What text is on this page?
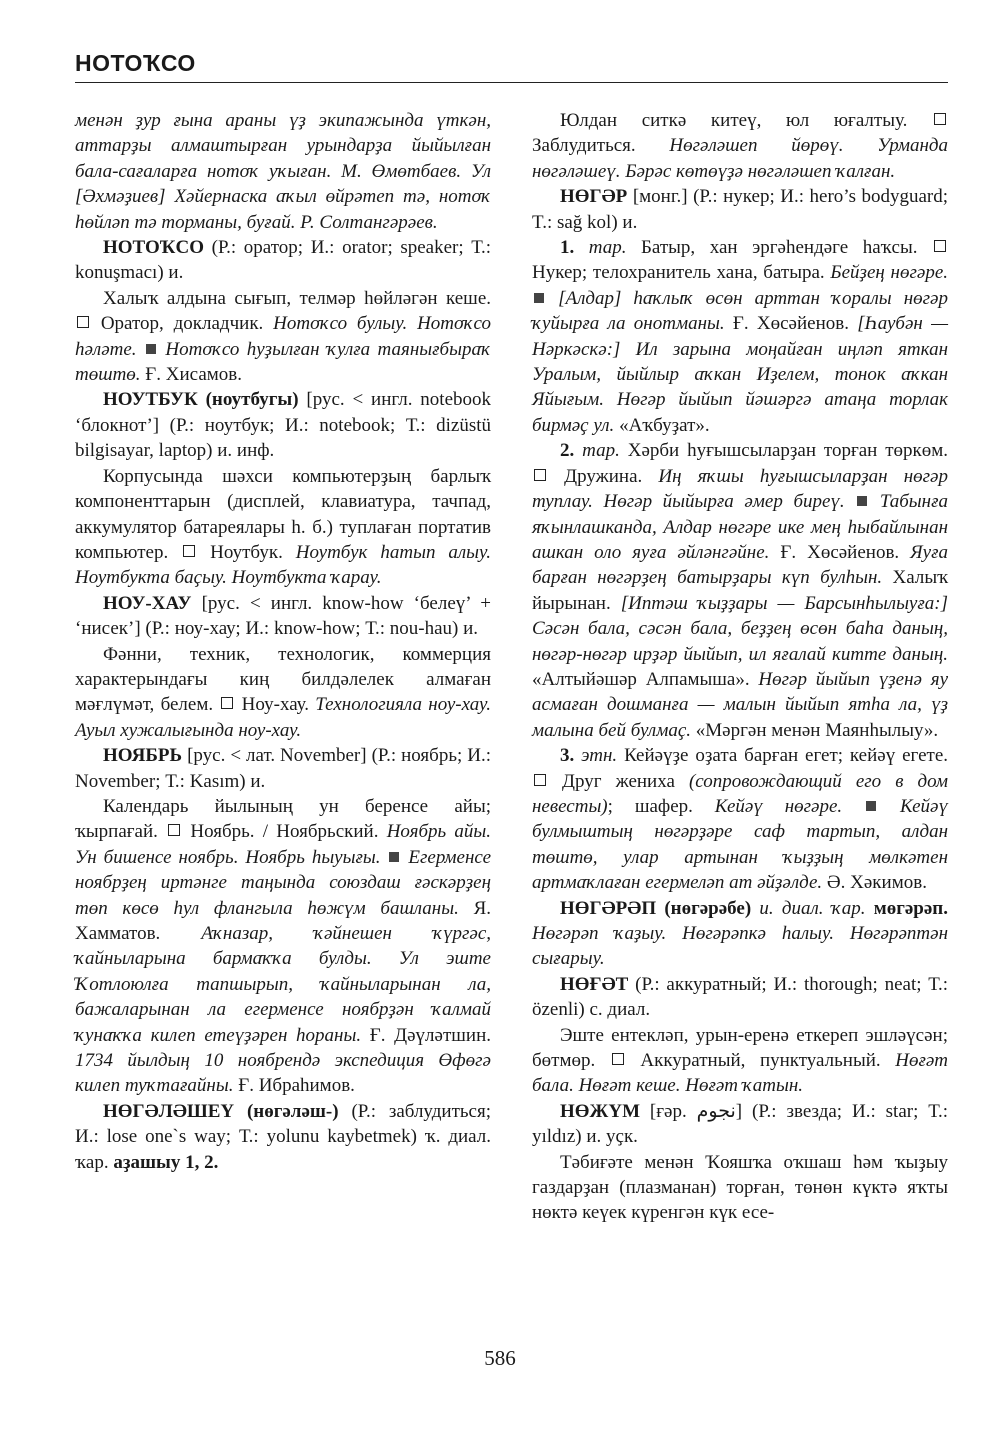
НОТОҠСО

менән ҙур ғына араны үҙ экипажында үткән, аттарҙы алмаштырған урындарҙа йыйылған бала-сағаларға нотоҡ уҡыған. М. Өмөтбаев. Ул [Әхмәҙиев] Хәйернаска аҡыл өйрәтеп тә, нотоҡ һөйләп тә торманы, буғай. Р. Солтангәрәев.

НОТОҠСО (Р.: оратор; И.: orator; speaker; Т.: konuşmacı) и.

Халыҡ алдына сығып, телмәр һөйләгән кеше.  Оратор, докладчик. Нотоҡсо булыу. Нотоҡсо һәләте. Нотоҡсо һуҙылған ҡулға таянығбыраҡ төштө. Ғ. Хисамов.

НОУТБУК (ноутбугы) [рус. < ингл. notebook ‘блокнот’] (Р.: ноутбук; И.: notebook; Т.: dizüstü bilgisayar, laptop) и. инф.

Корпусында шәхси компьютерҙың барлыҡ компоненттарын (дисплей, клавиатура, тачпад, аккумулятор батареялары һ. б.) туплаған портатив компьютер. Ноутбук. Ноутбук һатып алыу. Ноутбукта баҫыу. Ноутбукта ҡарау.

НОУ-ХАУ [рус. < ингл. know-how ‘белеү’ + ‘нисек’] (Р.: ноу-хау; И.: know-how; Т.: nou-hau) и.

Фәнни, техник, технологик, коммерция характерындағы киң билдәлелек алмаған мәғлүмәт, белем. Ноу-хау. Технологияла ноу-хау. Ауыл хужалығында ноу-хау.

НОЯБРЬ [рус. < лат. November] (Р.: ноябрь; И.: November; Т.: Kasım) и.

Календарь йылының ун беренсе айы; ҡырпағай. Ноябрь. / Ноябрьский. Ноябрь айы. Ун бишенсе ноябрь. Ноябрь һыуығы. Егерменсе ноябрҙең иртәнге таңында союздаш ғәскәрҙең төп көсө һул флангыла һөжүм башланы. Я. Хамматов. Аҡназар, ҡәйнешен ҡүргәс, ҡайныларына бармаҡҡа булды. Ул эште Ҡотлоюлға тапшырып, ҡайныларынан ла, бажаларынан ла егерменсе ноябрҙән ҡалмай ҡунаҡҡа килеп етеүҙәрен һораны. Ғ. Дәүләтшин. 1734 йылдың 10 ноябрендә экспедиция Өфөгә килеп туҡтағайны. Ғ. Ибраһимов.

НӨГӘЛӘШЕҮ (нөгәләш-) (Р.: заблудиться; И.: lose one`s way; Т.: yolunu kaybetmek) ҡ. диал. ҡар. аҙашыу 1, 2.

Юлдан ситкә китеү, юл юғалтыу.  Заблудиться. Нөгәләшеп йөрөү. Урманда нөгәләшеү. Бәрәс көтөүҙә нөгәләшеп ҡалған.

НӨГӘР [монг.] (Р.: нукер; И.: hero’s bodyguard; T.: sağ kol) и.

1. тар. Батыр, хан эргәһендәге һаҡсы.  Нукер; телохранитель хана, батыра. Бейҙең нөгәре.  [Алдар] һаҡлыҡ өсөн арттан ҡоралы нөгәр ҡуйырға ла онотманы. Ғ. Хөсәйенов. [Һаубән — Нәркәскә:] Ил зарына моңайған иңләп яткан Уралым, йыйлыр аҡкан Иҙелем, тонок аҡкан Яйығым. Нөгәр йыйып йәшәргә атаңа торлак бирмәҫ ул. «Аҡбуҙат».

2. тар. Хәрби һуғышсыларҙан торған төркөм.  Дружина. Иң яҡшы һуғышсыларҙан нөгәр туплау. Нөгәр йыйырға әмер биреү. Табынға яҡынлашканда, Алдар нөгәре ике меӊ һыбайлынан ашкан оло яуға әйләнгәйне. Ғ. Хөсәйенов. Яуға барған нөгәрҙең батырҙары күп булһын. Халыҡ йырынан. [Иптәш ҡыҙҙары — Барсынһылыуға:] Сәсән бала, сәсән бала, беҙҙең өсөн баһа даның, нөгәр-нөгәр ирҙәр йыйып, ил яғалай китте даның. «Алтыйәшәр Алпамыша». Нөгәр йыйып үҙенә яу асмаған дошманға — малын йыйып ятһа ла, үҙ малына бей булмаҫ. «Мәргән менән Маянһылыу».

3. этн. Кейәүҙе оҙата барған егет; кейәү егете.  Друг жениха (сопровождающий его в дом невесты); шафер. Кейәү нөгәре.	Кейәү булмыштың нөгәрҙәре саф тартып, алдан төштө, улар артынан ҡыҙҙың мөлкәтен артмаҡлаған егермеләп ат әйҙәлде. Ә. Хәкимов.

НӨГӘРӘП (нөгәрәбе) и. диал. ҡар. мөгәрәп. Нөгәрәп ҡаҙыу. Нөгәрәпкә һалыу. Нөгәрәптән сығарыу.

НӨҒӘТ (Р.: аккуратный; И.: thorough; neat; Т.: özenli) с. диал.

Эште ентекләп, урын-еренә еткереп эшләүсән; бөтмөр. Аккуратный, пунктуальный. Нөғәт бала. Нөғәт кеше. Нөғәт ҡатын.

НӨЖҮМ [ғәр. نجوم] (Р.: звезда; И.: star; Т.: yıldız) и. уҫк.

Тәбиғәте менән Ҡояшҡа оҡшаш һәм ҡыҙыу газдарҙан (плазманан) торған, төнөн күктә яҡты нөктә кеүек күренгән күк есе-

586
